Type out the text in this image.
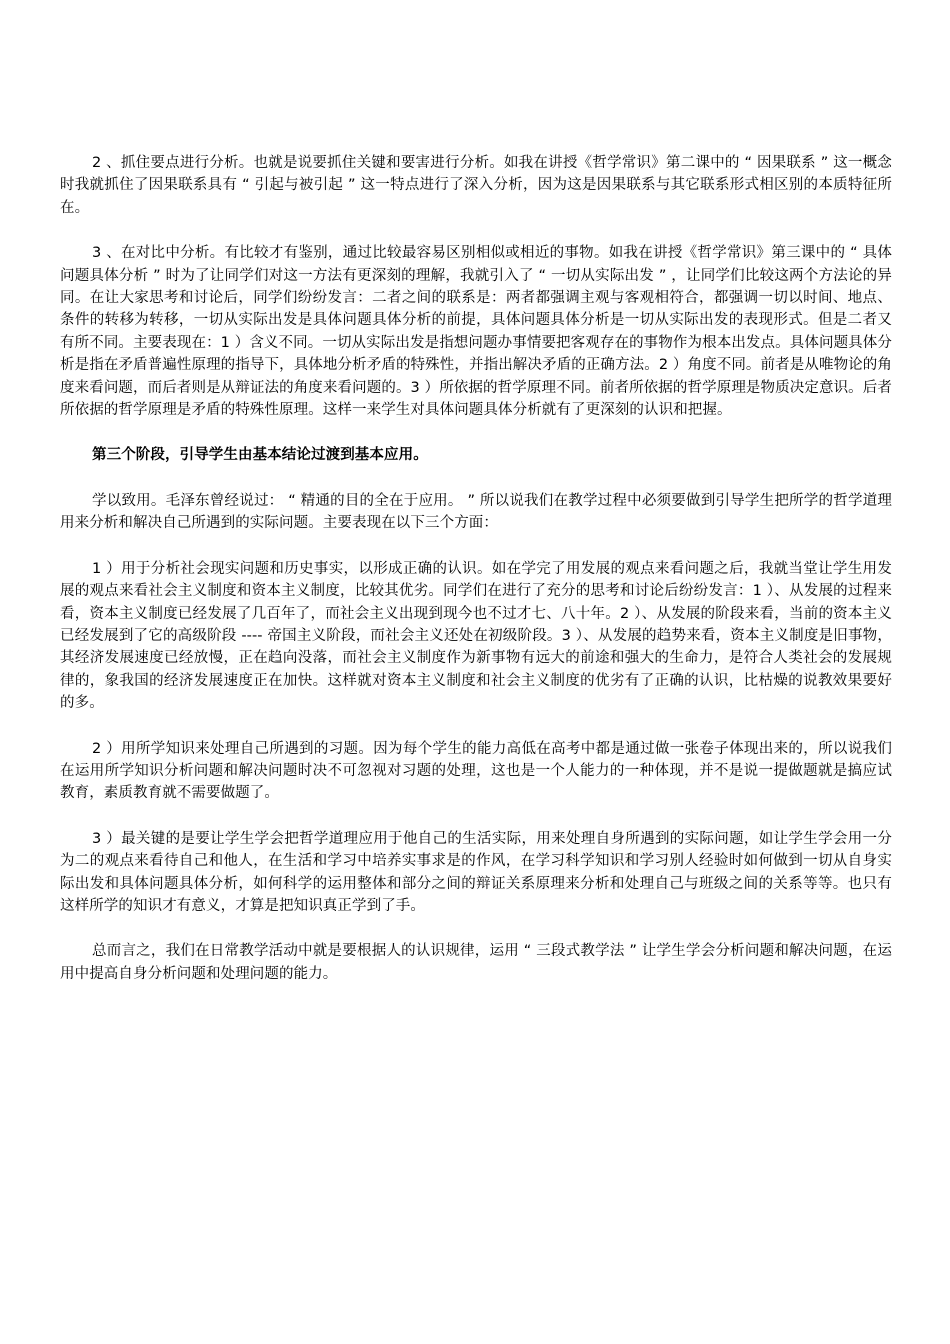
2 、抓住要点进行分析。也就是说要抓住关键和要害进行分析。如我在讲授《哲学常识》第二课中的 “ 因果联系 ” 这一概念时我就抓住了因果联系具有 “ 引起与被引起 ” 这一特点进行了深入分析，因为这是因果联系与其它联系形式相区别的本质特征所在。

3 、在对比中分析。有比较才有鉴别，通过比较最容易区别相似或相近的事物。如我在讲授《哲学常识》第三课中的 “ 具体问题具体分析 ” 时为了让同学们对这一方法有更深刻的理解，我就引入了 “ 一切从实际出发 ” ，让同学们比较这两个方法论的异同。在让大家思考和讨论后，同学们纷纷发言：二者之间的联系是：两者都强调主观与客观相符合，都强调一切以时间、地点、条件的转移为转移，一切从实际出发是具体问题具体分析的前提，具体问题具体分析是一切从实际出发的表现形式。但是二者又有所不同。主要表现在：1 ）含义不同。一切从实际出发是指想问题办事情要把客观存在的事物作为根本出发点。具体问题具体分析是指在矛盾普遍性原理的指导下，具体地分析矛盾的特殊性，并指出解决矛盾的正确方法。2 ）角度不同。前者是从唯物论的角度来看问题，而后者则是从辩证法的角度来看问题的。3 ）所依据的哲学原理不同。前者所依据的哲学原理是物质决定意识。后者所依据的哲学原理是矛盾的特殊性原理。这样一来学生对具体问题具体分析就有了更深刻的认识和把握。

第三个阶段，引导学生由基本结论过渡到基本应用。

学以致用。毛泽东曾经说过： “ 精通的目的全在于应用。 ” 所以说我们在教学过程中必须要做到引导学生把所学的哲学道理用来分析和解决自己所遇到的实际问题。主要表现在以下三个方面：

1 ）用于分析社会现实问题和历史事实，以形成正确的认识。如在学完了用发展的观点来看问题之后，我就当堂让学生用发展的观点来看社会主义制度和资本主义制度，比较其优劣。同学们在进行了充分的思考和讨论后纷纷发言：1 ）、从发展的过程来看，资本主义制度已经发展了几百年了，而社会主义出现到现今也不过才七、八十年。2 ）、从发展的阶段来看，当前的资本主义已经发展到了它的高级阶段 ---- 帝国主义阶段，而社会主义还处在初级阶段。3 ）、从发展的趋势来看，资本主义制度是旧事物，其经济发展速度已经放慢，正在趋向没落，而社会主义制度作为新事物有远大的前途和强大的生命力，是符合人类社会的发展规律的，象我国的经济发展速度正在加快。这样就对资本主义制度和社会主义制度的优劣有了正确的认识，比枯燥的说教效果要好的多。

2 ）用所学知识来处理自己所遇到的习题。因为每个学生的能力高低在高考中都是通过做一张卷子体现出来的，所以说我们在运用所学知识分析问题和解决问题时决不可忽视对习题的处理，这也是一个人能力的一种体现，并不是说一提做题就是搞应试教育，素质教育就不需要做题了。

3 ）最关键的是要让学生学会把哲学道理应用于他自己的生活实际，用来处理自身所遇到的实际问题，如让学生学会用一分为二的观点来看待自己和他人，在生活和学习中培养实事求是的作风，在学习科学知识和学习别人经验时如何做到一切从自身实际出发和具体问题具体分析，如何科学的运用整体和部分之间的辩证关系原理来分析和处理自己与班级之间的关系等等。也只有这样所学的知识才有意义，才算是把知识真正学到了手。

总而言之，我们在日常教学活动中就是要根据人的认识规律，运用 “ 三段式教学法 ” 让学生学会分析问题和解决问题，在运用中提高自身分析问题和处理问题的能力。
